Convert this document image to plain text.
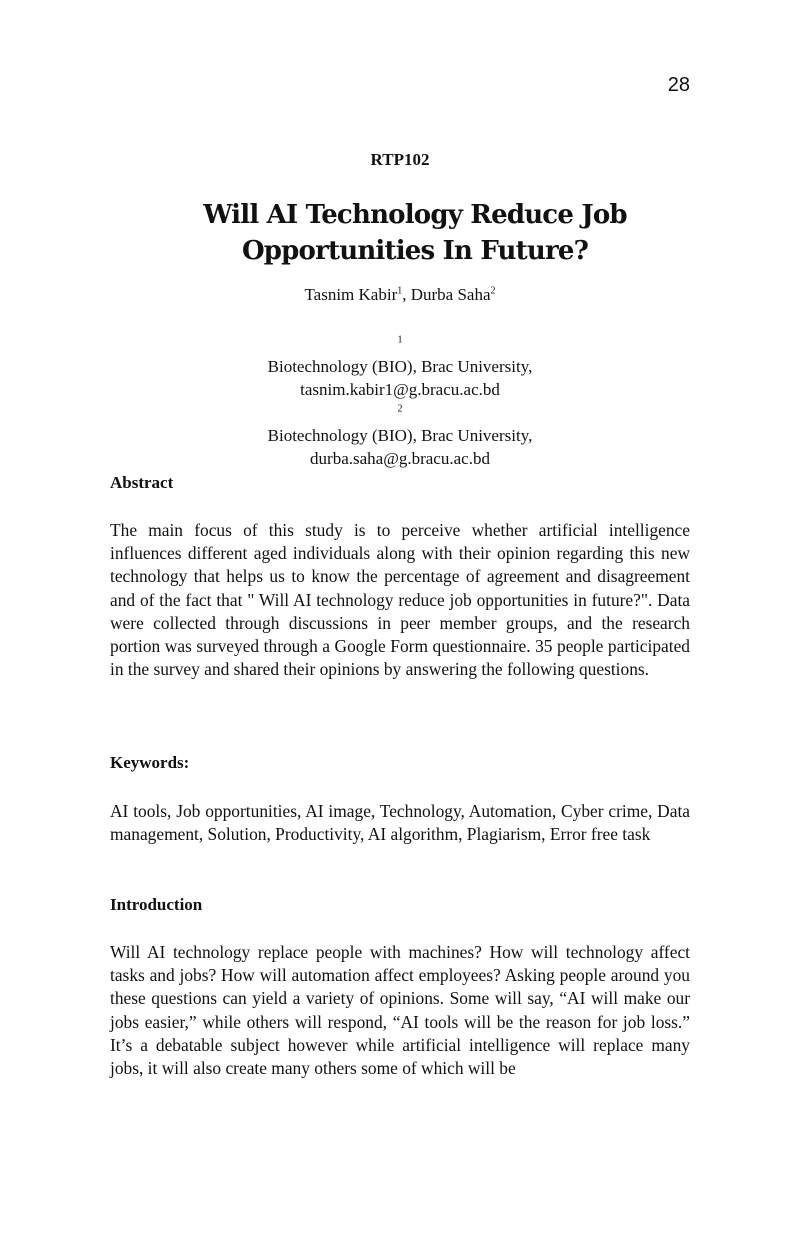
28
RTP102
Will AI Technology Reduce Job
Opportunities In Future?
Tasnim Kabir$^1$, Durba Saha$^2$
$^1$
Biotechnology (BIO), Brac University,
tasnim.kabir1@g.bracu.ac.bd
$^2$
Biotechnology (BIO), Brac University,
durba.saha@g.bracu.ac.bd
Abstract

The main focus of this study is to perceive whether artificial intelligence influences different aged individuals along with their opinion regarding this new technology that helps us to know the percentage of agreement and disagreement and of the fact that " Will AI technology reduce job opportunities in future?". Data were collected through discussions in peer member groups, and the research portion was surveyed through a Google Form questionnaire. 35 people participated in the survey and shared their opinions by answering the following questions.

Keywords:

AI tools, Job opportunities, AI image, Technology, Automation, Cyber crime, Data management, Solution, Productivity, AI algorithm, Plagiarism, Error free task

Introduction

Will AI technology replace people with machines? How will technology affect tasks and jobs? How will automation affect employees? Asking people around you these questions can yield a variety of opinions. Some will say, “AI will make our jobs easier,” while others will respond, “AI tools will be the reason for job loss.” It’s a debatable subject however while artificial intelligence will replace many jobs, it will also create many others some of which will be
